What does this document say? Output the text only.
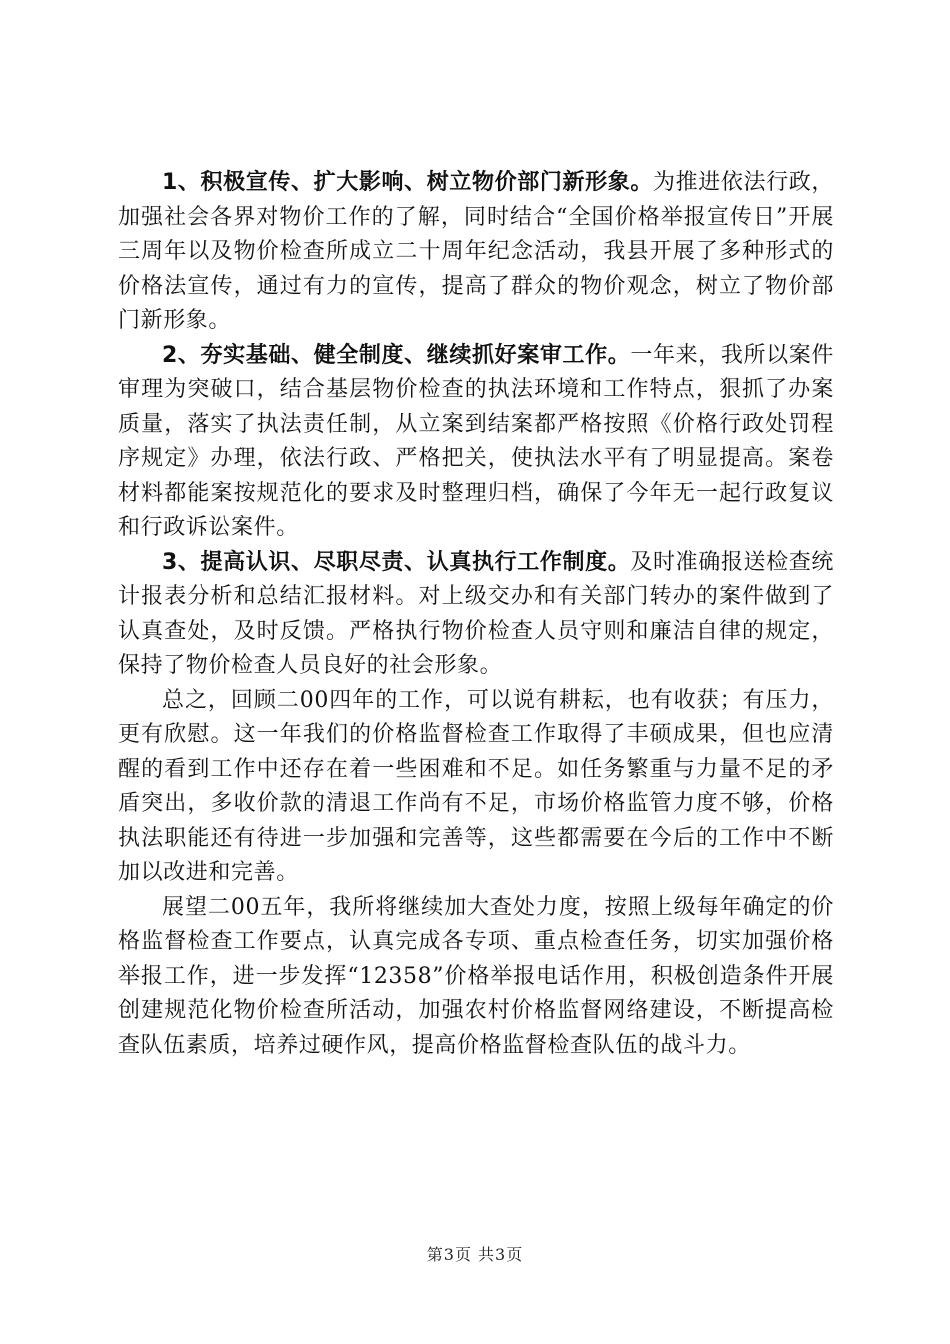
1、积极宣传、扩大影响、树立物价部门新形象。为推进依法行政，加强社会各界对物价工作的了解，同时结合“全国价格举报宣传日”开展三周年以及物价检查所成立二十周年纪念活动，我县开展了多种形式的价格法宣传，通过有力的宣传，提高了群众的物价观念，树立了物价部门新形象。

2、夯实基础、健全制度、继续抓好案审工作。一年来，我所以案件审理为突破口，结合基层物价检查的执法环境和工作特点，狠抓了办案质量，落实了执法责任制，从立案到结案都严格按照《价格行政处罚程序规定》办理，依法行政、严格把关，使执法水平有了明显提高。案卷材料都能案按规范化的要求及时整理归档，确保了今年无一起行政复议和行政诉讼案件。

3、提高认识、尽职尽责、认真执行工作制度。及时准确报送检查统计报表分析和总结汇报材料。对上级交办和有关部门转办的案件做到了认真查处，及时反馈。严格执行物价检查人员守则和廉洁自律的规定，保持了物价检查人员良好的社会形象。

总之，回顾二00四年的工作，可以说有耕耘，也有收获；有压力，更有欣慰。这一年我们的价格监督检查工作取得了丰硕成果，但也应清醒的看到工作中还存在着一些困难和不足。如任务繁重与力量不足的矛盾突出，多收价款的清退工作尚有不足，市场价格监管力度不够，价格执法职能还有待进一步加强和完善等，这些都需要在今后的工作中不断加以改进和完善。

展望二00五年，我所将继续加大查处力度，按照上级每年确定的价格监督检查工作要点，认真完成各专项、重点检查任务，切实加强价格举报工作，进一步发挥“12358”价格举报电话作用，积极创造条件开展创建规范化物价检查所活动，加强农村价格监督网络建设，不断提高检查队伍素质，培养过硬作风，提高价格监督检查队伍的战斗力。

第3页 共3页
